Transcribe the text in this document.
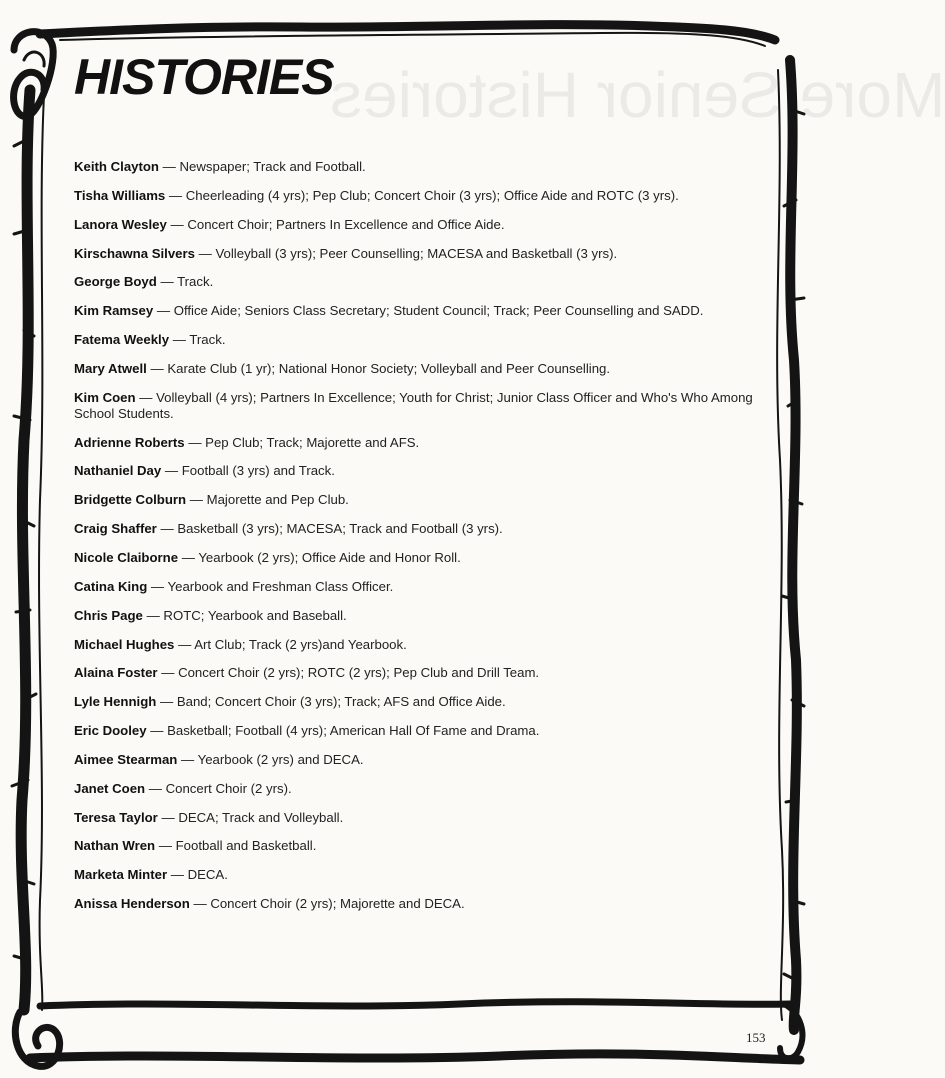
More Senior Histories
HISTORIES

Keith Clayton — Newspaper; Track and Football.

Tisha Williams — Cheerleading (4 yrs); Pep Club; Concert Choir (3 yrs); Office Aide and ROTC (3 yrs).

Lanora Wesley — Concert Choir; Partners In Excellence and Office Aide.

Kirschawna Silvers — Volleyball (3 yrs); Peer Counselling; MACESA and Basketball (3 yrs).

George Boyd — Track.

Kim Ramsey — Office Aide; Seniors Class Secretary; Student Council; Track; Peer Counselling and SADD.

Fatema Weekly — Track.

Mary Atwell — Karate Club (1 yr); National Honor Society; Volleyball and Peer Counselling.

Kim Coen — Volleyball (4 yrs); Partners In Excellence; Youth for Christ; Junior Class Officer and Who's Who Among School Students.

Adrienne Roberts — Pep Club; Track; Majorette and AFS.

Nathaniel Day — Football (3 yrs) and Track.

Bridgette Colburn — Majorette and Pep Club.

Craig Shaffer — Basketball (3 yrs); MACESA; Track and Football (3 yrs).

Nicole Claiborne — Yearbook (2 yrs); Office Aide and Honor Roll.

Catina King — Yearbook and Freshman Class Officer.

Chris Page — ROTC; Yearbook and Baseball.

Michael Hughes — Art Club; Track (2 yrs)and Yearbook.

Alaina Foster — Concert Choir (2 yrs); ROTC (2 yrs); Pep Club and Drill Team.

Lyle Hennigh — Band; Concert Choir (3 yrs); Track; AFS and Office Aide.

Eric Dooley — Basketball; Football (4 yrs); American Hall Of Fame and Drama.

Aimee Stearman — Yearbook (2 yrs) and DECA.

Janet Coen — Concert Choir (2 yrs).

Teresa Taylor — DECA; Track and Volleyball.

Nathan Wren — Football and Basketball.

Marketa Minter — DECA.

Anissa Henderson — Concert Choir (2 yrs); Majorette and DECA.

153
